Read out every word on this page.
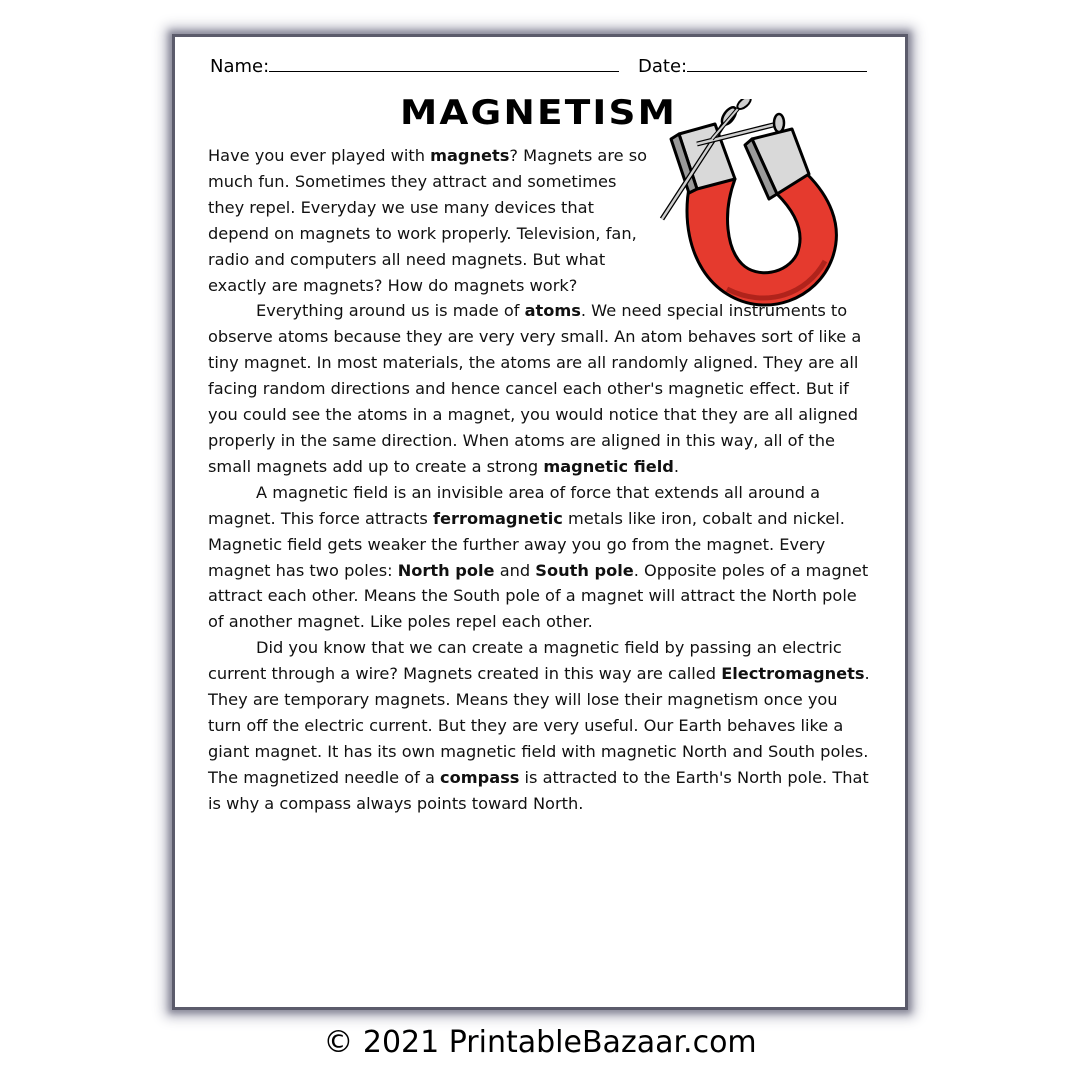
Name:	Date:
MAGNETISM

Have you ever played with magnets? Magnets are so much fun. Sometimes they attract and sometimes they repel. Everyday we use many devices that depend on magnets to work properly. Television, fan, radio and computers all need magnets. But what exactly are magnets? How do magnets work?

Everything around us is made of atoms. We need special instruments to observe atoms because they are very very small. An atom behaves sort of like a tiny magnet. In most materials, the atoms are all randomly aligned. They are all facing random directions and hence cancel each other's magnetic effect. But if you could see the atoms in a magnet, you would notice that they are all aligned properly in the same direction. When atoms are aligned in this way, all of the small magnets add up to create a strong magnetic field.

A magnetic field is an invisible area of force that extends all around a magnet. This force attracts ferromagnetic metals like iron, cobalt and nickel. Magnetic field gets weaker the further away you go from the magnet. Every magnet has two poles: North pole and South pole. Opposite poles of a magnet attract each other. Means the South pole of a magnet will attract the North pole of another magnet. Like poles repel each other.

Did you know that we can create a magnetic field by passing an electric current through a wire? Magnets created in this way are called Electromagnets. They are temporary magnets. Means they will lose their magnetism once you turn off the electric current. But they are very useful. Our Earth behaves like a giant magnet. It has its own magnetic field with magnetic North and South poles. The magnetized needle of a compass is attracted to the Earth's North pole. That is why a compass always points toward North.

© 2021 PrintableBazaar.com
